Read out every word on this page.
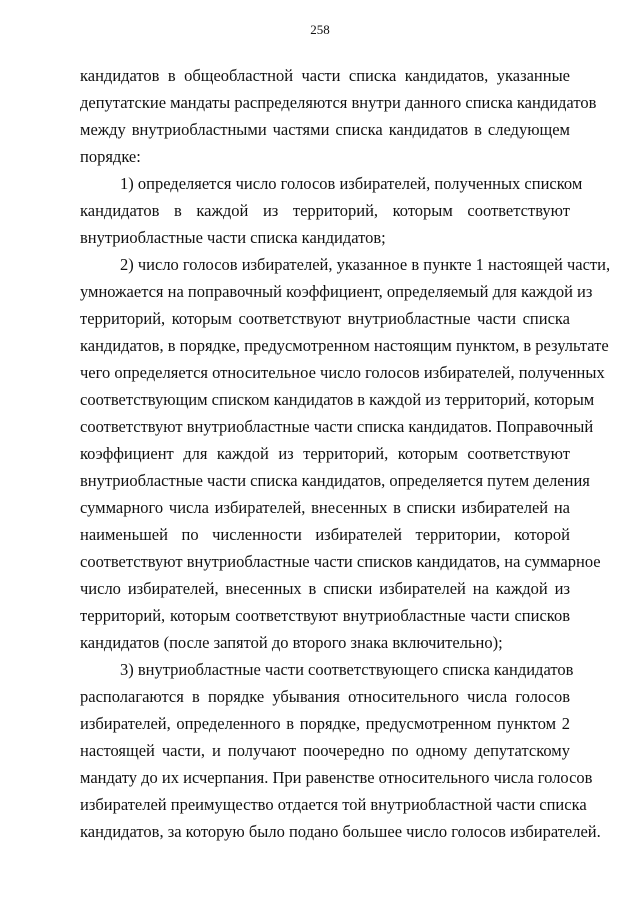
258
кандидатов в общеобластной части списка кандидатов, указанные
депутатские мандаты распределяются внутри данного списка кандидатов
между внутриобластными частями списка кандидатов в следующем
порядке:
1) определяется число голосов избирателей, полученных списком
кандидатов в каждой из территорий, которым соответствуют
внутриобластные части списка кандидатов;
2) число голосов избирателей, указанное в пункте 1 настоящей части,
умножается на поправочный коэффициент, определяемый для каждой из
территорий, которым соответствуют внутриобластные части списка
кандидатов, в порядке, предусмотренном настоящим пунктом, в результате
чего определяется относительное число голосов избирателей, полученных
соответствующим списком кандидатов в каждой из территорий, которым
соответствуют внутриобластные части списка кандидатов. Поправочный
коэффициент для каждой из территорий, которым соответствуют
внутриобластные части списка кандидатов, определяется путем деления
суммарного числа избирателей, внесенных в списки избирателей на
наименьшей по численности избирателей территории, которой
соответствуют внутриобластные части списков кандидатов, на суммарное
число избирателей, внесенных в списки избирателей на каждой из
территорий, которым соответствуют внутриобластные части списков
кандидатов (после запятой до второго знака включительно);
3) внутриобластные части соответствующего списка кандидатов
располагаются в порядке убывания относительного числа голосов
избирателей, определенного в порядке, предусмотренном пунктом 2
настоящей части, и получают поочередно по одному депутатскому
мандату до их исчерпания. При равенстве относительного числа голосов
избирателей преимущество отдается той внутриобластной части списка
кандидатов, за которую было подано большее число голосов избирателей.
